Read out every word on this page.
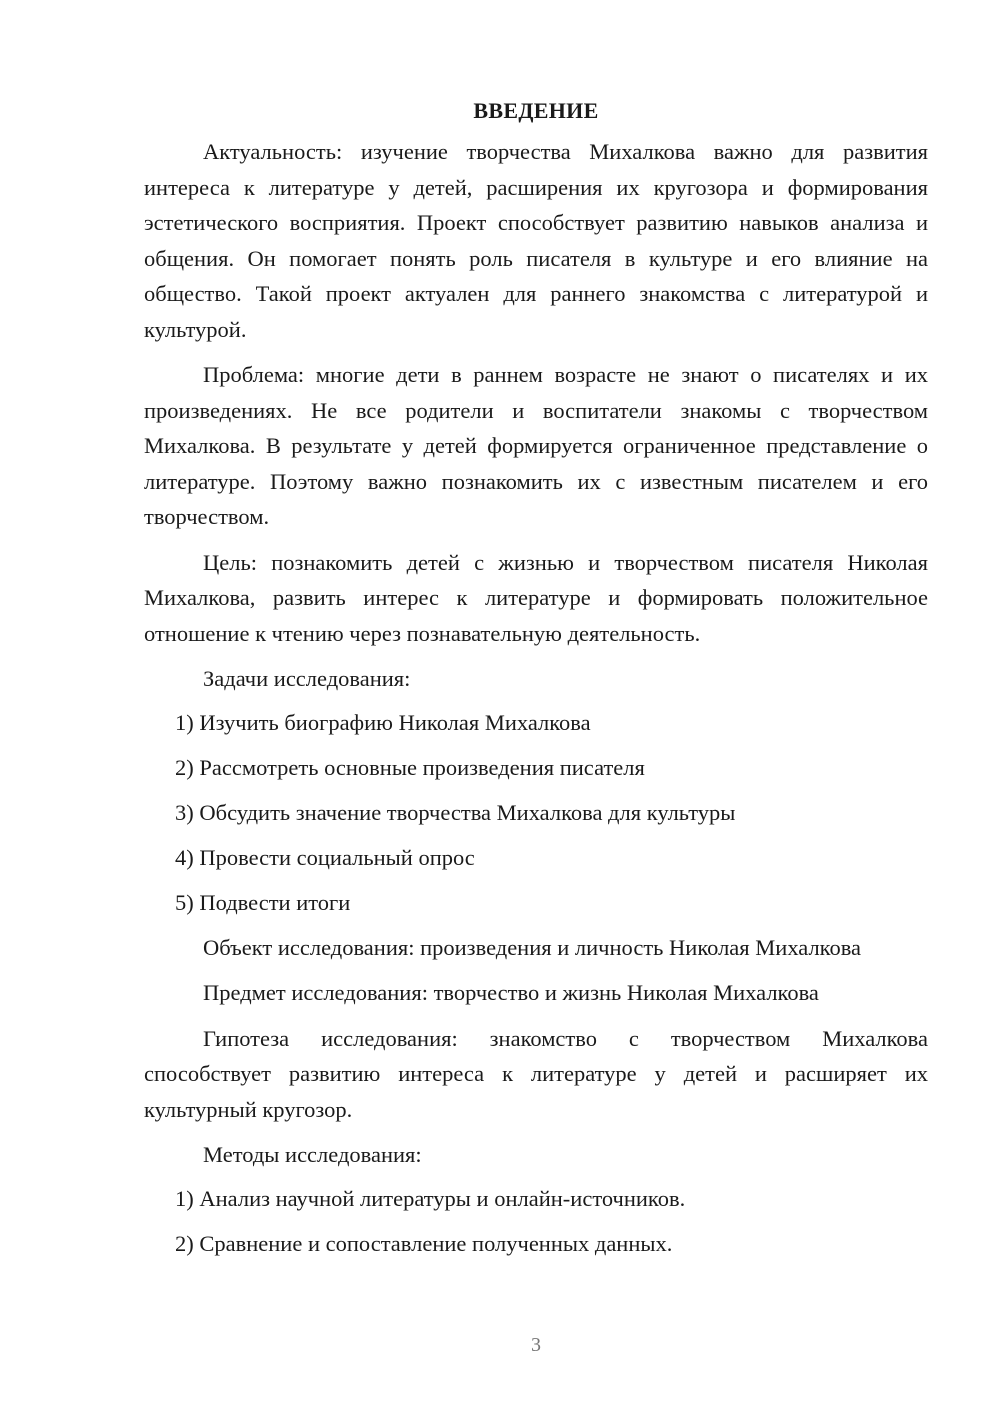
ВВЕДЕНИЕ

Актуальность: изучение творчества Михалкова важно для развития интереса к литературе у детей, расширения их кругозора и формирования эстетического восприятия. Проект способствует развитию навыков анализа и общения. Он помогает понять роль писателя в культуре и его влияние на общество. Такой проект актуален для раннего знакомства с литературой и культурой.

Проблема: многие дети в раннем возрасте не знают о писателях и их произведениях. Не все родители и воспитатели знакомы с творчеством Михалкова. В результате у детей формируется ограниченное представление о литературе. Поэтому важно познакомить их с известным писателем и его творчеством.

Цель: познакомить детей с жизнью и творчеством писателя Николая Михалкова, развить интерес к литературе и формировать положительное отношение к чтению через познавательную деятельность.

Задачи исследования:

1) Изучить биографию Николая Михалкова
2) Рассмотреть основные произведения писателя
3) Обсудить значение творчества Михалкова для культуры
4) Провести социальный опрос
5) Подвести итоги

Объект исследования: произведения и личность Николая Михалкова

Предмет исследования: творчество и жизнь Николая Михалкова

Гипотеза исследования: знакомство с творчеством Михалкова способствует развитию интереса к литературе у детей и расширяет их культурный кругозор.

Методы исследования:

1) Анализ научной литературы и онлайн-источников.
2) Сравнение и сопоставление полученных данных.
3
